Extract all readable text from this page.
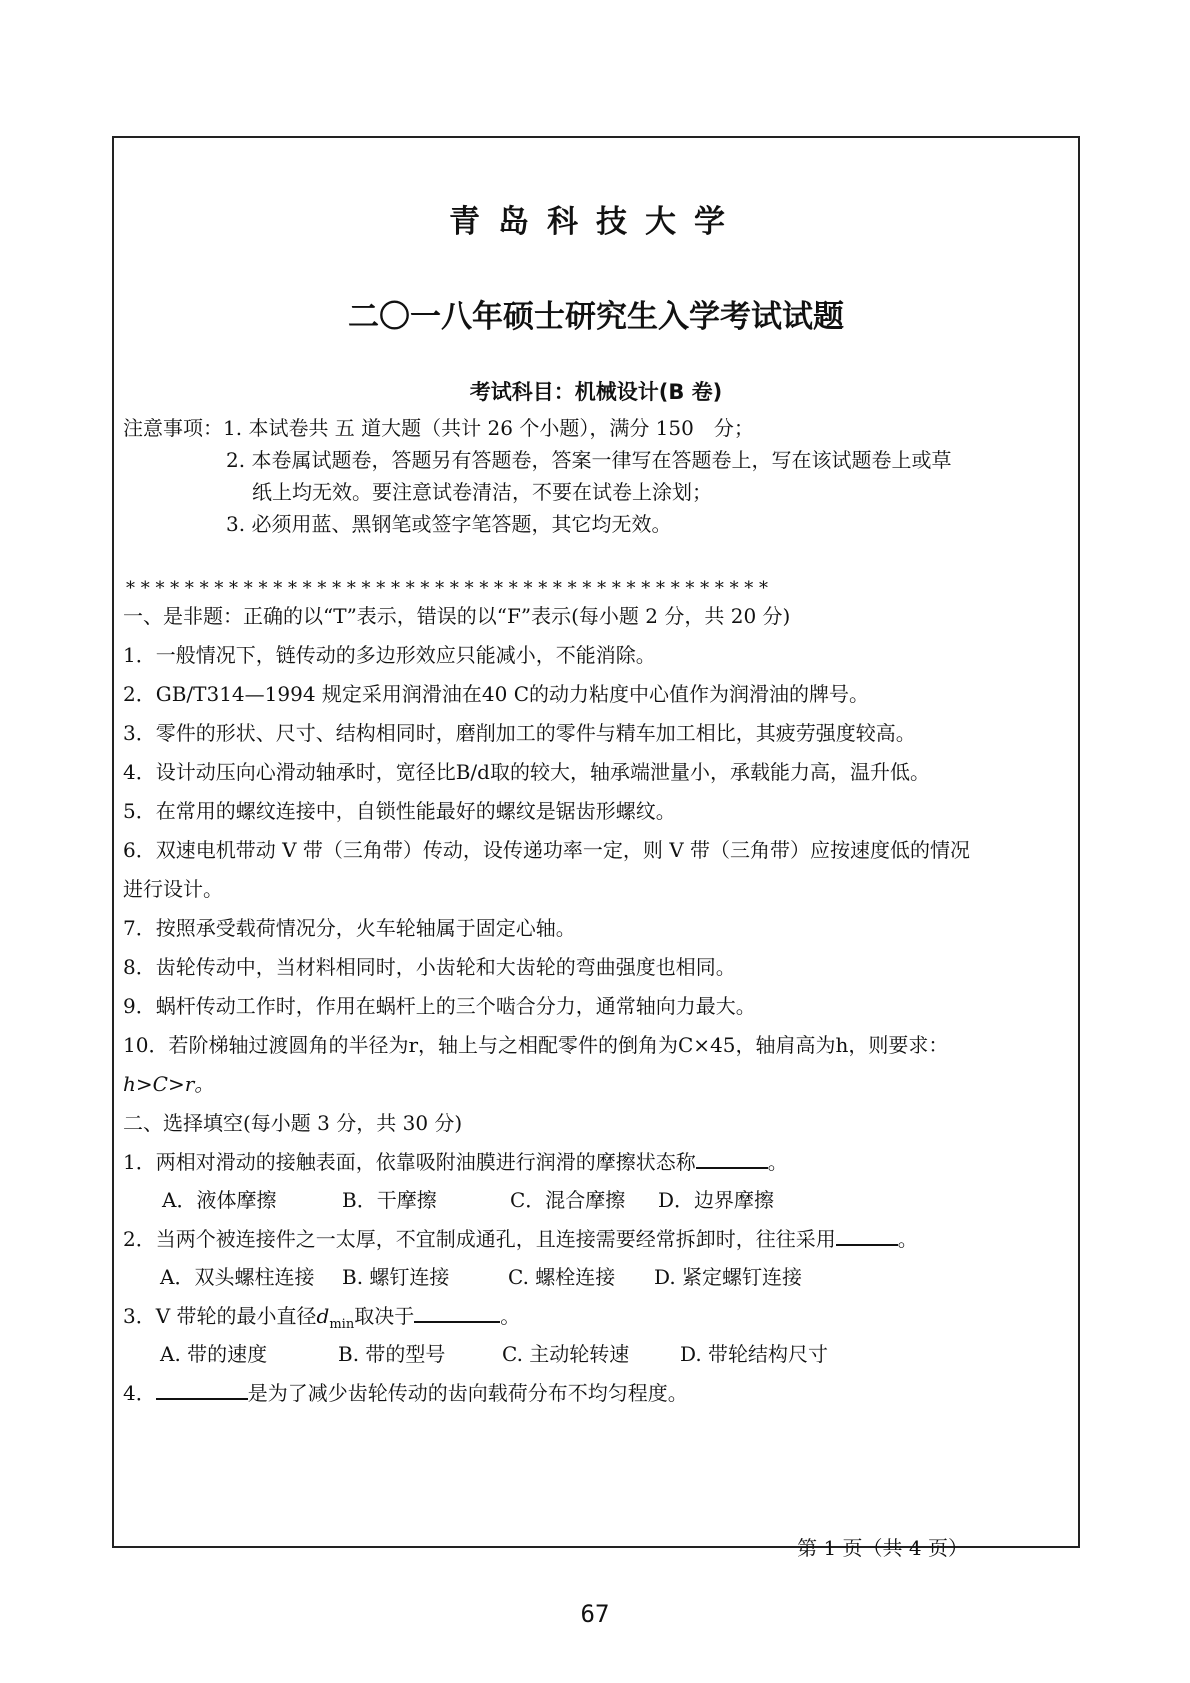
青岛科技大学
二〇一八年硕士研究生入学考试试题
考试科目：机械设计(B 卷)
注意事项：1. 本试卷共 五 道大题（共计 26 个小题），满分 150　分；
2. 本卷属试题卷，答题另有答题卷，答案一律写在答题卷上，写在该试题卷上或草
纸上均无效。要注意试卷清洁，不要在试卷上涂划；
3. 必须用蓝、黑钢笔或签字笔答题，其它均无效。
* * * * * * * * * * * * * * * * * * * * * * * * * * * * * * * * * * * * * * * * * * * *
一、是非题：正确的以“T”表示，错误的以“F”表示(每小题 2 分，共 20 分)
1．一般情况下，链传动的多边形效应只能减小，不能消除。
2．GB/T314—1994 规定采用润滑油在40 C的动力粘度中心值作为润滑油的牌号。
3．零件的形状、尺寸、结构相同时，磨削加工的零件与精车加工相比，其疲劳强度较高。
4．设计动压向心滑动轴承时，宽径比B/d取的较大，轴承端泄量小，承载能力高，温升低。
5．在常用的螺纹连接中，自锁性能最好的螺纹是锯齿形螺纹。
6．双速电机带动 V 带（三角带）传动，设传递功率一定，则 V 带（三角带）应按速度低的情况
进行设计。
7．按照承受载荷情况分，火车轮轴属于固定心轴。
8．齿轮传动中，当材料相同时，小齿轮和大齿轮的弯曲强度也相同。
9．蜗杆传动工作时，作用在蜗杆上的三个啮合分力，通常轴向力最大。
10．若阶梯轴过渡圆角的半径为r，轴上与之相配零件的倒角为C×45，轴肩高为h，则要求：
h>C>r。
二、选择填空(每小题 3 分，共 30 分)
1．两相对滑动的接触表面，依靠吸附油膜进行润滑的摩擦状态称	。
A．液体摩擦	B．干摩擦	C．混合摩擦 D．边界摩擦
2．当两个被连接件之一太厚，不宜制成通孔，且连接需要经常拆卸时，往往采用	。
A．双头螺柱连接 B. 螺钉连接	C. 螺栓连接 D. 紧定螺钉连接
3．V 带轮的最小直径$d_{min}$取决于	。
A. 带的速度	B. 带的型号	C. 主动轮转速	D. 带轮结构尺寸
4．	是为了减少齿轮传动的齿向载荷分布不均匀程度。
第 1 页（共 4 页）
67
